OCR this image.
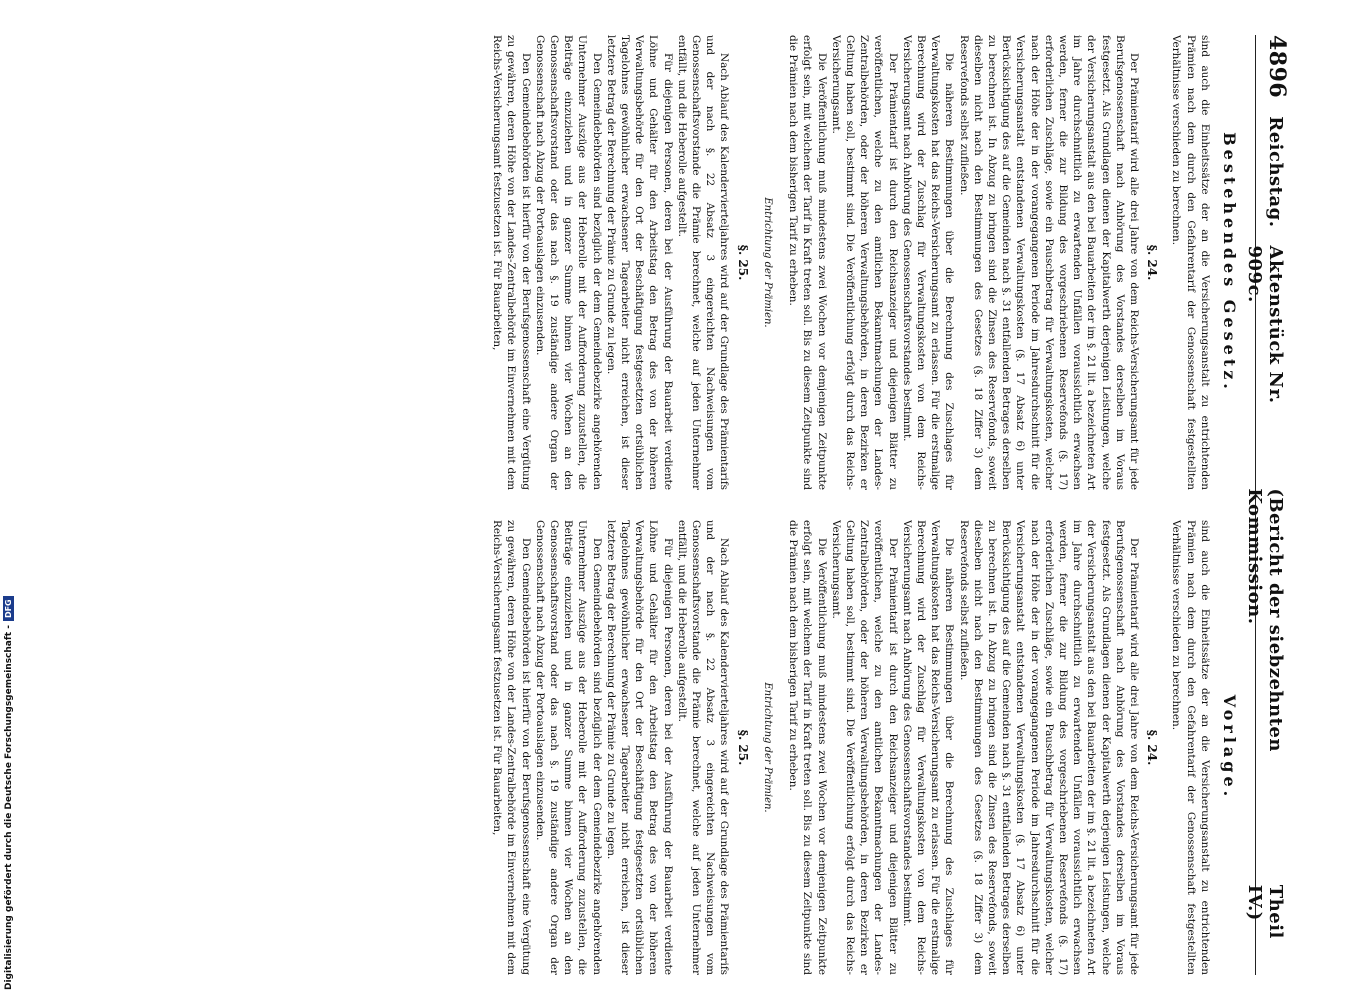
4896
Reichstag.
Aktenstück Nr. 909c.
(Bericht der siebzehnten Kommission.
Theil IV.)
Bestehendes Gesetz.

sind auch die Einheitssätze der an die Versicherungsanstalt zu entrichtenden Prämien nach dem durch den Gefahrentarif der Genossenschaft festgestellten Verhältnisse verschieden zu berechnen.

§. 24.

Der Prämientarif wird alle drei Jahre von dem Reichs-Versicherungsamt für jede Berufsgenossenschaft nach Anhörung des Vorstandes derselben im Voraus festgesetzt. Als Grundlagen dienen der Kapitalwerth derjenigen Leistungen, welche der Versicherungsanstalt aus den bei Bauarbeiten der im §. 21 lit. a bezeichneten Art im Jahre durchschnittlich zu erwartenden Unfällen voraussichtlich erwachsen werden, ferner die zur Bildung des vorgeschriebenen Reservefonds (§. 17) erforderlichen Zuschläge, sowie ein Pauschbetrag für Verwaltungskosten, welcher nach der Höhe der in der vorangegangenen Periode im Jahresdurchschnitt für die Versicherungsanstalt entstandenen Verwaltungskosten (§. 17 Absatz 6) unter Berücksichtigung des auf die Gemeinden nach §. 31 entfallenden Betrages derselben zu berechnen ist. In Abzug zu bringen sind die Zinsen des Reservefonds, soweit dieselben nicht nach den Bestimmungen des Gesetzes (§. 18 Ziffer 3) dem Reservefonds selbst zufließen.

Die näheren Bestimmungen über die Berechnung des Zuschlages für Verwaltungskosten hat das Reichs-Versicherungsamt zu erlassen. Für die erstmalige Berechnung wird der Zuschlag für Verwaltungskosten von dem Reichs-Versicherungsamt nach Anhörung des Genossenschaftsvorstandes bestimmt.

Der Prämientarif ist durch den Reichsanzeiger und diejenigen Blätter zu veröffentlichen, welche zu den amtlichen Bekanntmachungen der Landes-Zentralbehörden, oder der höheren Verwaltungsbehörden, in deren Bezirken er Geltung haben soll, bestimmt sind. Die Veröffentlichung erfolgt durch das Reichs-Versicherungsamt.

Die Veröffentlichung muß mindestens zwei Wochen vor demjenigen Zeitpunkte erfolgt sein, mit welchem der Tarif in Kraft treten soll. Bis zu diesem Zeitpunkte sind die Prämien nach dem bisherigen Tarif zu erheben.

Entrichtung der Prämien.
§. 25.

Nach Ablauf des Kalendervierteljahres wird auf der Grundlage des Prämientarifs und der nach §. 22 Absatz 3 eingereichten Nachweisungen vom Genossenschaftsvorstande die Prämie berechnet, welche auf jeden Unternehmer entfällt, und die Heberolle aufgestellt.

Für diejenigen Personen, deren bei der Ausführung der Bauarbeit verdiente Löhne und Gehälter für den Arbeitstag den Betrag des von der höheren Verwaltungsbehörde für den Ort der Beschäftigung festgesetzten ortsüblichen Tagelohnes gewöhnlicher erwachsener Tagearbeiter nicht erreichen, ist dieser letztere Betrag der Berechnung der Prämie zu Grunde zu legen.

Den Gemeindebehörden sind bezüglich der dem Gemeindebezirke angehörenden Unternehmer Auszüge aus der Heberolle mit der Aufforderung zuzustellen, die Beiträge einzuziehen und in ganzer Summe binnen vier Wochen an den Genossenschaftsvorstand oder das nach §. 19 zuständige andere Organ der Genossenschaft nach Abzug der Portoauslagen einzusenden.

Den Gemeindebehörden ist hierfür von der Berufsgenossenschaft eine Vergütung zu gewähren, deren Höhe von der Landes-Zentralbehörde im Einvernehmen mit dem Reichs-Versicherungsamt festzusetzen ist. Für Bauarbeiten,

Vorlage.

sind auch die Einheitssätze der an die Versicherungsanstalt zu entrichtenden Prämien nach dem durch den Gefahrentarif der Genossenschaft festgestellten Verhältnisse verschieden zu berechnen.

§. 24.

Der Prämientarif wird alle drei Jahre von dem Reichs-Versicherungsamt für jede Berufsgenossenschaft nach Anhörung des Vorstandes derselben im Voraus festgesetzt. Als Grundlagen dienen der Kapitalwerth derjenigen Leistungen, welche der Versicherungsanstalt aus den bei Bauarbeiten der im §. 21 lit. a bezeichneten Art im Jahre durchschnittlich zu erwartenden Unfällen voraussichtlich erwachsen werden, ferner die zur Bildung des vorgeschriebenen Reservefonds (§. 17) erforderlichen Zuschläge, sowie ein Pauschbetrag für Verwaltungskosten, welcher nach der Höhe der in der vorangegangenen Periode im Jahresdurchschnitt für die Versicherungsanstalt entstandenen Verwaltungskosten (§. 17 Absatz 6) unter Berücksichtigung des auf die Gemeinden nach §. 31 entfallenden Betrages derselben zu berechnen ist. In Abzug zu bringen sind die Zinsen des Reservefonds, soweit dieselben nicht nach den Bestimmungen des Gesetzes (§. 18 Ziffer 3) dem Reservefonds selbst zufließen.

Die näheren Bestimmungen über die Berechnung des Zuschlages für Verwaltungskosten hat das Reichs-Versicherungsamt zu erlassen. Für die erstmalige Berechnung wird der Zuschlag für Verwaltungskosten von dem Reichs-Versicherungsamt nach Anhörung des Genossenschaftsvorstandes bestimmt.

Der Prämientarif ist durch den Reichsanzeiger und diejenigen Blätter zu veröffentlichen, welche zu den amtlichen Bekanntmachungen der Landes-Zentralbehörden, oder der höheren Verwaltungsbehörden, in deren Bezirken er Geltung haben soll, bestimmt sind. Die Veröffentlichung erfolgt durch das Reichs-Versicherungsamt.

Die Veröffentlichung muß mindestens zwei Wochen vor demjenigen Zeitpunkte erfolgt sein, mit welchem der Tarif in Kraft treten soll. Bis zu diesem Zeitpunkte sind die Prämien nach dem bisherigen Tarif zu erheben.

Entrichtung der Prämien.
§. 25.

Nach Ablauf des Kalendervierteljahres wird auf der Grundlage des Prämientarifs und der nach §. 22 Absatz 3 eingereichten Nachweisungen vom Genossenschaftsvorstande die Prämie berechnet, welche auf jeden Unternehmer entfällt, und die Heberolle aufgestellt.

Für diejenigen Personen, deren bei der Ausführung der Bauarbeit verdiente Löhne und Gehälter für den Arbeitstag den Betrag des von der höheren Verwaltungsbehörde für den Ort der Beschäftigung festgesetzten ortsüblichen Tagelohnes gewöhnlicher erwachsener Tagearbeiter nicht erreichen, ist dieser letztere Betrag der Berechnung der Prämie zu Grunde zu legen.

Den Gemeindebehörden sind bezüglich der dem Gemeindebezirke angehörenden Unternehmer Auszüge aus der Heberolle mit der Aufforderung zuzustellen, die Beiträge einzuziehen und in ganzer Summe binnen vier Wochen an den Genossenschaftsvorstand oder das nach §. 19 zuständige andere Organ der Genossenschaft nach Abzug der Portoauslagen einzusenden.

Den Gemeindebehörden ist hierfür von der Berufsgenossenschaft eine Vergütung zu gewähren, deren Höhe von der Landes-Zentralbehörde im Einvernehmen mit dem Reichs-Versicherungsamt festzusetzen ist. Für Bauarbeiten,

Digitalisierung gefördert durch die Deutsche Forschungsgemeinschaft -
DFG
